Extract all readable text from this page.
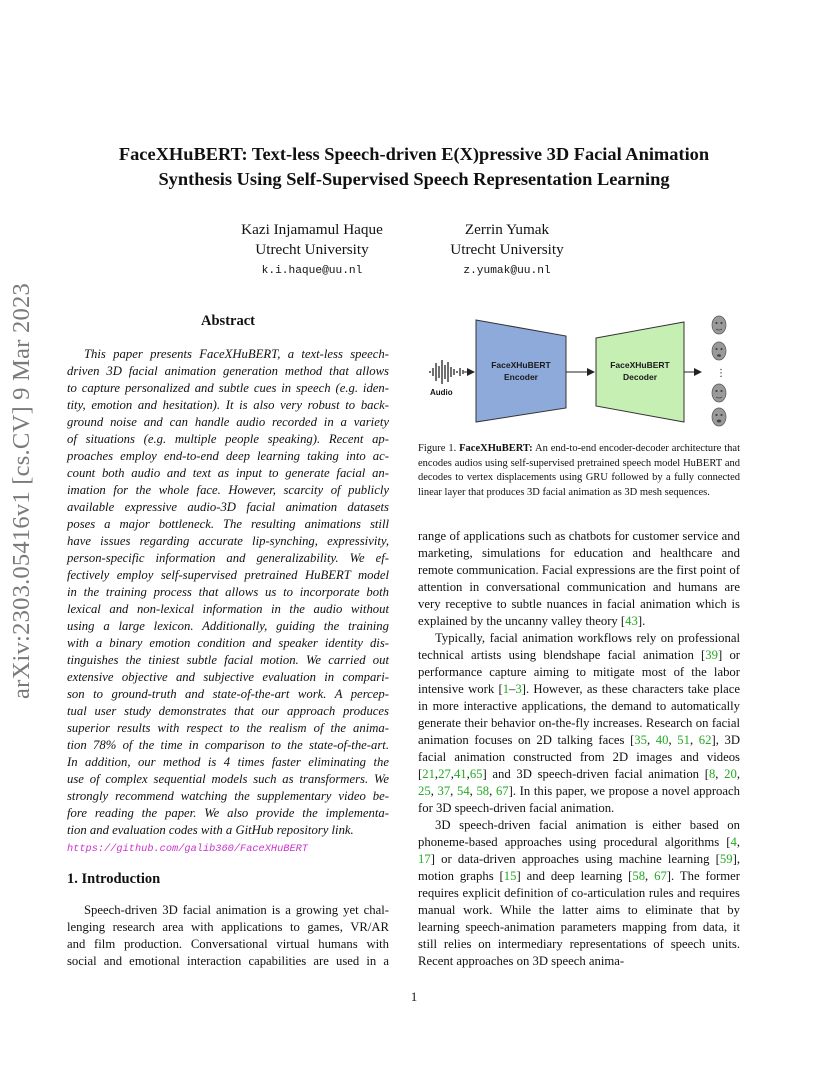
arXiv:2303.05416v1 [cs.CV] 9 Mar 2023
FaceXHuBERT: Text-less Speech-driven E(X)pressive 3D Facial Animation
Synthesis Using Self-Supervised Speech Representation Learning
Kazi Injamamul Haque
Utrecht University
k.i.haque@uu.nl
Zerrin Yumak
Utrecht University
z.yumak@uu.nl
Abstract
This paper presents FaceXHuBERT, a text-less speech-
driven 3D facial animation generation method that allows
to capture personalized and subtle cues in speech (e.g. iden-
tity, emotion and hesitation). It is also very robust to back-
ground noise and can handle audio recorded in a variety
of situations (e.g. multiple people speaking). Recent ap-
proaches employ end-to-end deep learning taking into ac-
count both audio and text as input to generate facial an-
imation for the whole face. However, scarcity of publicly
available expressive audio-3D facial animation datasets
poses a major bottleneck. The resulting animations still
have issues regarding accurate lip-synching, expressivity,
person-specific information and generalizability. We ef-
fectively employ self-supervised pretrained HuBERT model
in the training process that allows us to incorporate both
lexical and non-lexical information in the audio without
using a large lexicon. Additionally, guiding the training
with a binary emotion condition and speaker identity dis-
tinguishes the tiniest subtle facial motion. We carried out
extensive objective and subjective evaluation in compari-
son to ground-truth and state-of-the-art work. A percep-
tual user study demonstrates that our approach produces
superior results with respect to the realism of the anima-
tion 78% of the time in comparison to the state-of-the-art.
In addition, our method is 4 times faster eliminating the
use of complex sequential models such as transformers. We
strongly recommend watching the supplementary video be-
fore reading the paper. We also provide the implementa-
tion and evaluation codes with a GitHub repository link.
https://github.com/galib360/FaceXHuBERT
1. Introduction
Speech-driven 3D facial animation is a growing yet chal-
lenging research area with applications to games, VR/AR
and film production. Conversational virtual humans with
social and emotional interaction capabilities are used in a
Audio
FaceXHuBERT
Encoder
FaceXHuBERT
Decoder	⋮
Figure 1. FaceXHuBERT: An end-to-end encoder-decoder architecture that encodes audios using self-supervised pretrained speech model HuBERT and decodes to vertex displacements using GRU followed by a fully connected linear layer that produces 3D facial animation as 3D mesh sequences.

range of applications such as chatbots for customer service and marketing, simulations for education and healthcare and remote communication. Facial expressions are the first point of attention in conversational communication and humans are very receptive to subtle nuances in facial animation which is explained by the uncanny valley theory [43].

Typically, facial animation workflows rely on professional technical artists using blendshape facial animation [39] or performance capture aiming to mitigate most of the labor intensive work [1–3]. However, as these characters take place in more interactive applications, the demand to automatically generate their behavior on-the-fly increases. Research on facial animation focuses on 2D talking faces [35, 40, 51, 62], 3D facial animation constructed from 2D images and videos [21,27,41,65] and 3D speech-driven facial animation [8, 20, 25, 37, 54, 58, 67]. In this paper, we propose a novel approach for 3D speech-driven facial animation.

3D speech-driven facial animation is either based on phoneme-based approaches using procedural algorithms [4, 17] or data-driven approaches using machine learning [59], motion graphs [15] and deep learning [58, 67]. The former requires explicit definition of co-articulation rules and requires manual work. While the latter aims to eliminate that by learning speech-animation parameters mapping from data, it still relies on intermediary representations of speech units. Recent approaches on 3D speech anima-

1
